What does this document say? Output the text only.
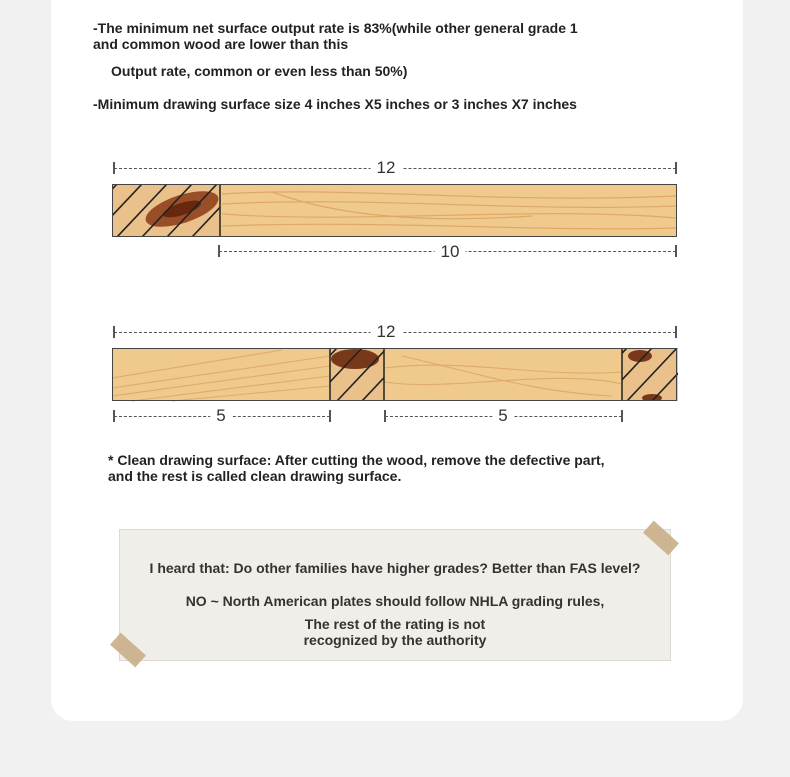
-The minimum net surface output rate is 83%(while other general grade 1
and common wood are lower than this
Output rate, common or even less than 50%)
-Minimum drawing surface size 4 inches X5 inches or 3 inches X7 inches
12
10
12
5	5
* Clean drawing surface: After cutting the wood, remove the defective part,
and the rest is called clean drawing surface.
I heard that: Do other families have higher grades? Better than FAS level?
NO ~ North American plates should follow NHLA grading rules,
The rest of the rating is not
recognized by the authority
